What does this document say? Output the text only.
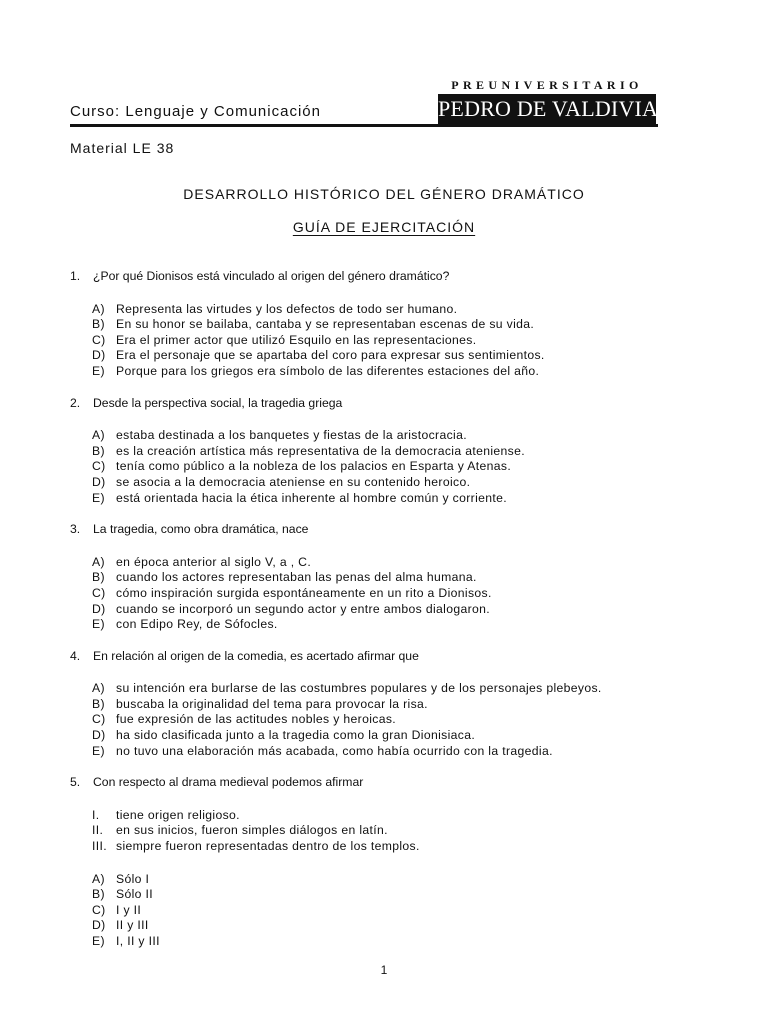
PREUNIVERSITARIO
PEDRO DE VALDIVIA
Curso: Lenguaje y Comunicación
Material LE 38
DESARROLLO HISTÓRICO DEL GÉNERO DRAMÁTICO
GUÍA DE EJERCITACIÓN
1. ¿Por qué Dionisos está vinculado al origen del género dramático?
A) Representa las virtudes y los defectos de todo ser humano.
B) En su honor se bailaba, cantaba y se representaban escenas de su vida.
C) Era el primer actor que utilizó Esquilo en las representaciones.
D) Era el personaje que se apartaba del coro para expresar sus sentimientos.
E) Porque para los griegos era símbolo de las diferentes estaciones del año.
2. Desde la perspectiva social, la tragedia griega
A) estaba destinada a los banquetes y fiestas de la aristocracia.
B) es la creación artística más representativa de la democracia ateniense.
C) tenía como público a la nobleza de los palacios en Esparta y Atenas.
D) se asocia a la democracia ateniense en su contenido heroico.
E) está orientada hacia la ética inherente al hombre común y corriente.
3. La tragedia, como obra dramática, nace
A) en época anterior al siglo V, a , C.
B) cuando los actores representaban las penas del alma humana.
C) cómo inspiración surgida espontáneamente en un rito a Dionisos.
D) cuando se incorporó un segundo actor y entre ambos dialogaron.
E) con Edipo Rey, de Sófocles.
4. En relación al origen de la comedia, es acertado afirmar que
A) su intención era burlarse de las costumbres populares y de los personajes plebeyos.
B) buscaba la originalidad del tema para provocar la risa.
C) fue expresión de las actitudes nobles y heroicas.
D) ha sido clasificada junto a la tragedia como la gran Dionisiaca.
E) no tuvo una elaboración más acabada, como había ocurrido con la tragedia.
5. Con respecto al drama medieval podemos afirmar
I. tiene origen religioso.
II. en sus inicios, fueron simples diálogos en latín.
III. siempre fueron representadas dentro de los templos.
A) Sólo I
B) Sólo II
C) I y II
D) II y III
E) I, II y III
1
